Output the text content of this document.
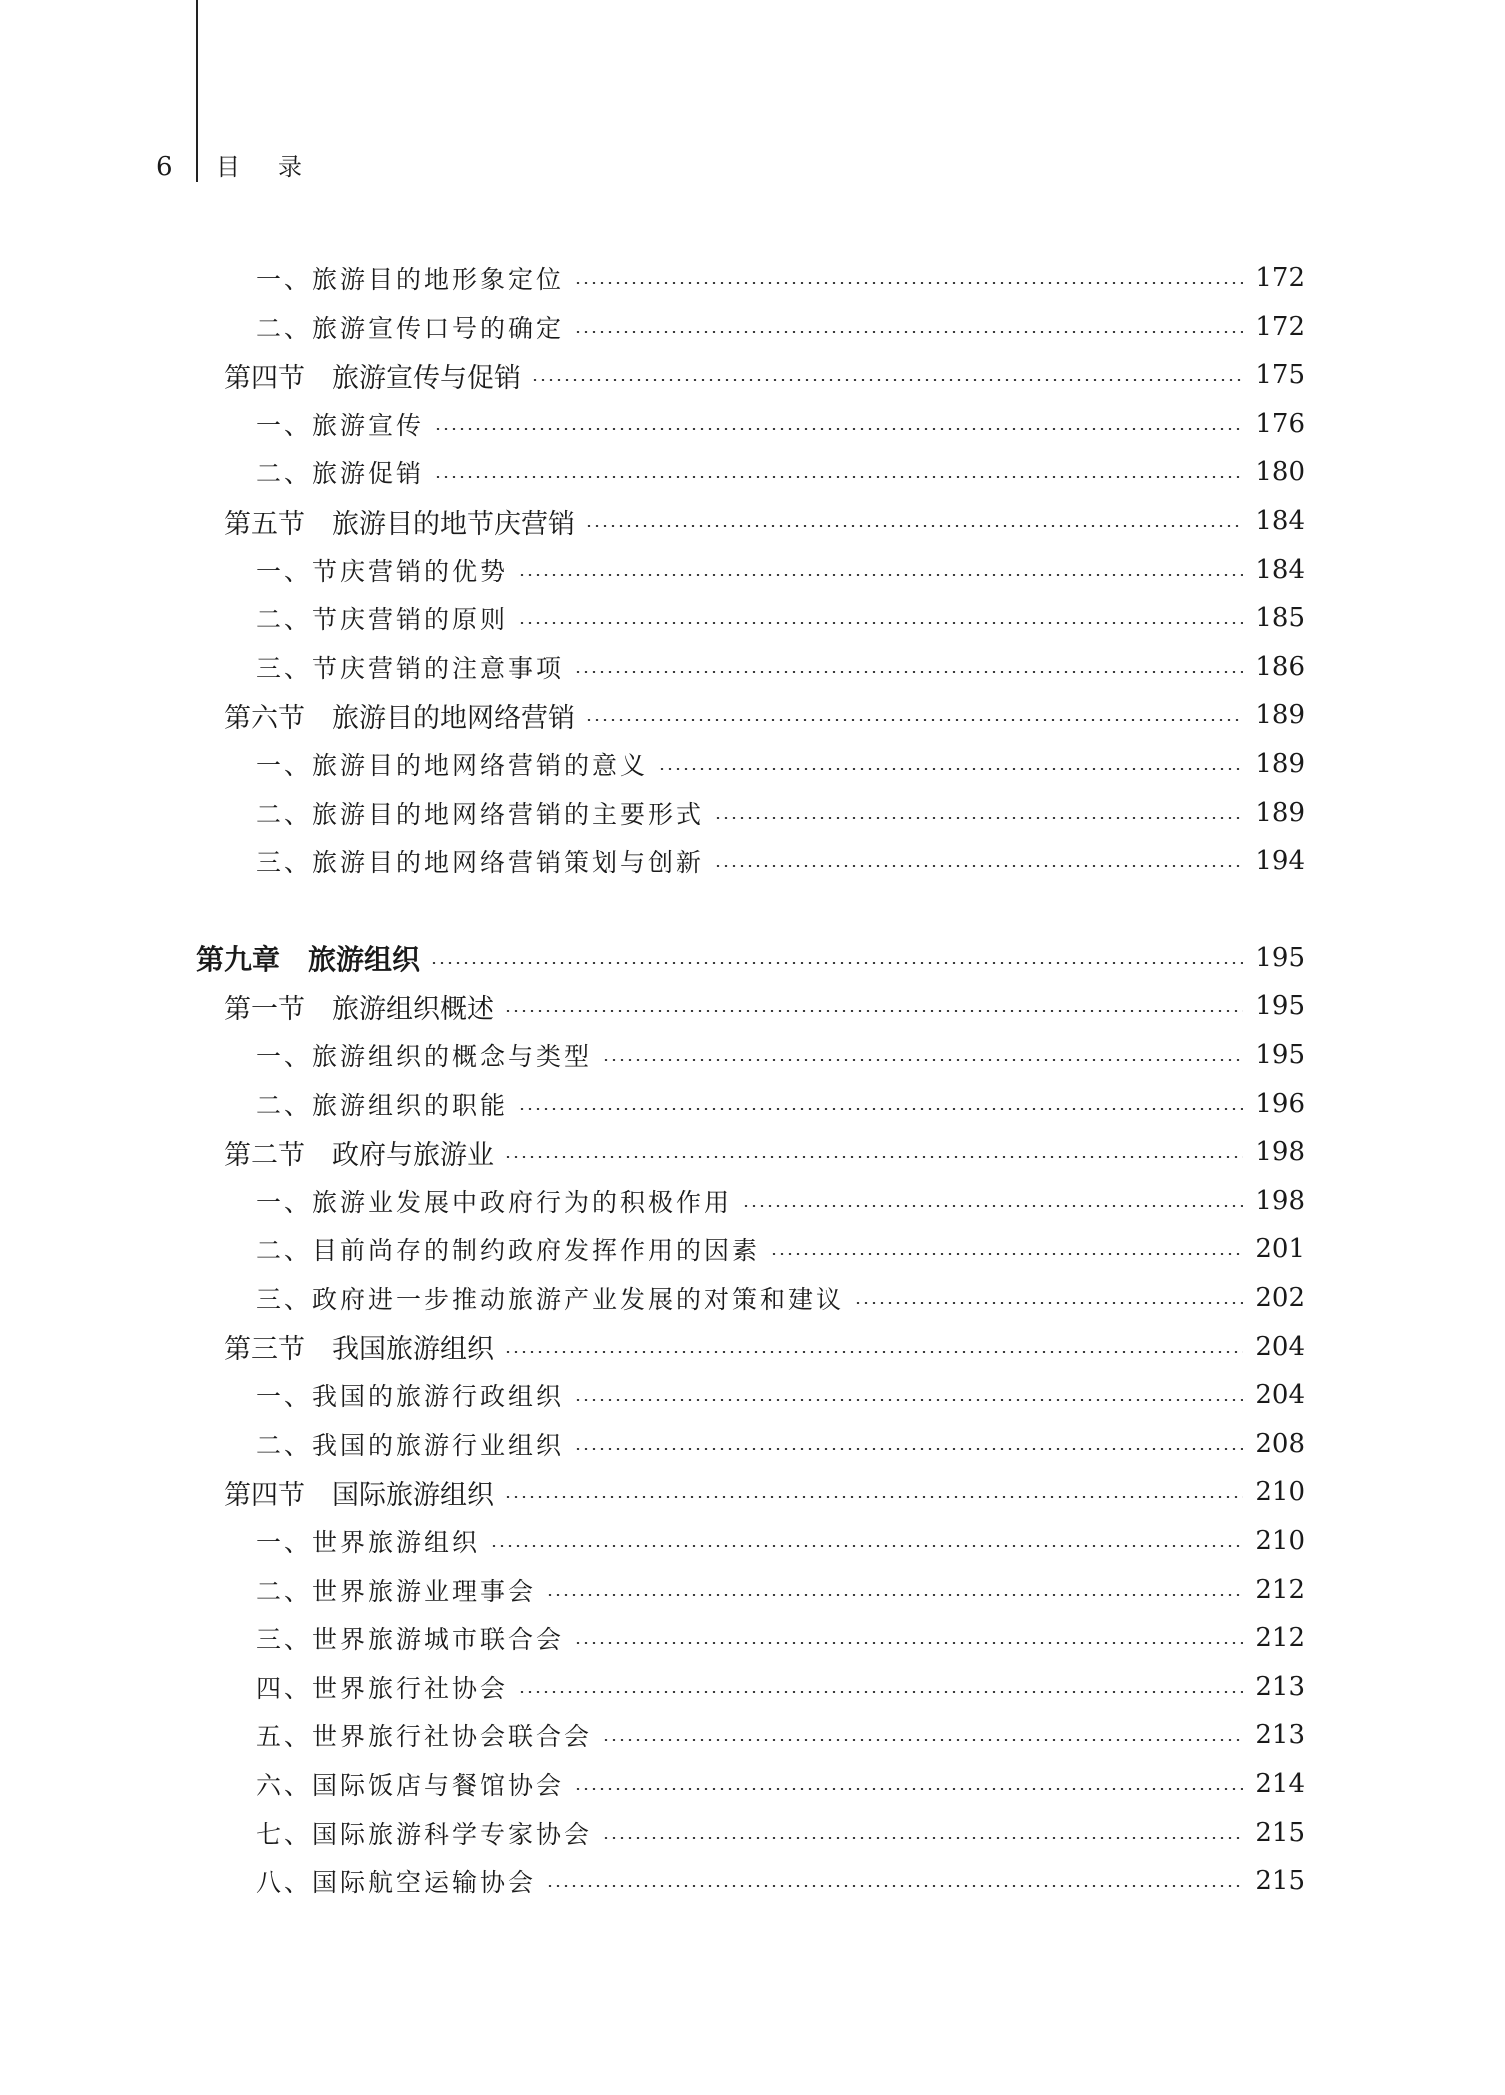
6 目录
一、旅游目的地形象定位	172
二、旅游宣传口号的确定	172
第四节　旅游宣传与促销	175
一、旅游宣传	176
二、旅游促销	180
第五节　旅游目的地节庆营销	184
一、节庆营销的优势	184
二、节庆营销的原则	185
三、节庆营销的注意事项	186
第六节　旅游目的地网络营销	189
一、旅游目的地网络营销的意义	189
二、旅游目的地网络营销的主要形式	189
三、旅游目的地网络营销策划与创新	194
第九章　旅游组织	195
第一节　旅游组织概述	195
一、旅游组织的概念与类型	195
二、旅游组织的职能	196
第二节　政府与旅游业	198
一、旅游业发展中政府行为的积极作用	198
二、目前尚存的制约政府发挥作用的因素	201
三、政府进一步推动旅游产业发展的对策和建议	202
第三节　我国旅游组织	204
一、我国的旅游行政组织	204
二、我国的旅游行业组织	208
第四节　国际旅游组织	210
一、世界旅游组织	210
二、世界旅游业理事会	212
三、世界旅游城市联合会	212
四、世界旅行社协会	213
五、世界旅行社协会联合会	213
六、国际饭店与餐馆协会	214
七、国际旅游科学专家协会	215
八、国际航空运输协会	215
